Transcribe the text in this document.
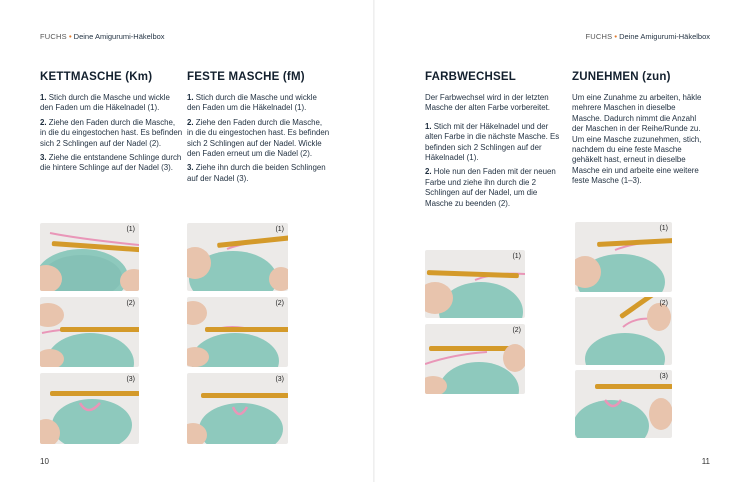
FUCHS • Deine Amigurumi-Häkelbox
KETTMASCHE (Km)

1. Stich durch die Masche und wickle den Faden um die Häkelnadel (1).

2. Ziehe den Faden durch die Masche, in die du eingestochen hast. Es befinden sich 2 Schlingen auf der Nadel (2).

3. Ziehe die entstandene Schlinge durch die hintere Schlinge auf der Nadel (3).

FESTE MASCHE (fM)

1. Stich durch die Masche und wickle den Faden um die Häkelnadel (1).

2. Ziehe den Faden durch die Masche, in die du eingestochen hast. Es befinden sich 2 Schlingen auf der Nadel. Wickle den Faden erneut um die Nadel (2).

3. Ziehe ihn durch die beiden Schlingen auf der Nadel (3).

(1)
(2)
(3)
(1)
(2)
(3)
10
FUCHS • Deine Amigurumi-Häkelbox
FARBWECHSEL

Der Farbwechsel wird in der letzten Masche der alten Farbe vorbereitet.

1. Stich mit der Häkelnadel und der alten Farbe in die nächste Masche. Es befinden sich 2 Schlingen auf der Häkelnadel (1).

2. Hole nun den Faden mit der neuen Farbe und ziehe ihn durch die 2 Schlingen auf der Nadel, um die Masche zu beenden (2).

ZUNEHMEN (zun)

Um eine Zunahme zu arbeiten, häkle mehrere Maschen in dieselbe Masche. Dadurch nimmt die Anzahl der Maschen in der Reihe/Runde zu.

Um eine Masche zuzunehmen, stich, nachdem du eine feste Masche gehäkelt hast, erneut in dieselbe Masche ein und arbeite eine weitere feste Masche (1–3).

(1)
(2)
(1)
(2)
(3)
11
